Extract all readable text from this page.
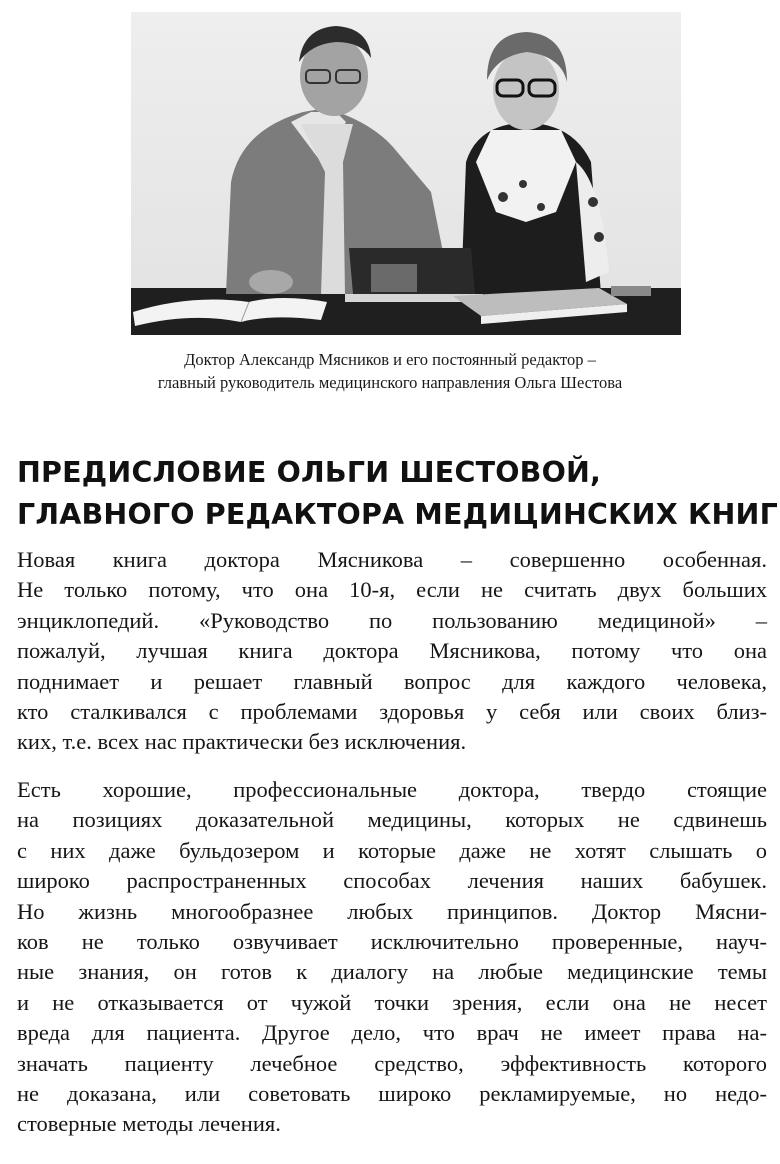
Доктор Александр Мясников и его постоянный редактор –
главный руководитель медицинского направления Ольга Шестова
ПРЕДИСЛОВИЕ ОЛЬГИ ШЕСТОВОЙ,
ГЛАВНОГО РЕДАКТОРА МЕДИЦИНСКИХ КНИГ
Новая книга доктора Мясникова – совершенно особенная.
Не только потому, что она 10-я, если не считать двух больших
энциклопедий. «Руководство по пользованию медициной» –
пожалуй, лучшая книга доктора Мясникова, потому что она
поднимает и решает главный вопрос для каждого человека,
кто сталкивался с проблемами здоровья у себя или своих близ-
ких, т.е. всех нас практически без исключения.
Есть хорошие, профессиональные доктора, твердо стоящие
на позициях доказательной медицины, которых не сдвинешь
с них даже бульдозером и которые даже не хотят слышать о
широко распространенных способах лечения наших бабушек.
Но жизнь многообразнее любых принципов. Доктор Мясни-
ков не только озвучивает исключительно проверенные, науч-
ные знания, он готов к диалогу на любые медицинские темы
и не отказывается от чужой точки зрения, если она не несет
вреда для пациента. Другое дело, что врач не имеет права на-
значать пациенту лечебное средство, эффективность которого
не доказана, или советовать широко рекламируемые, но недо-
стоверные методы лечения.
